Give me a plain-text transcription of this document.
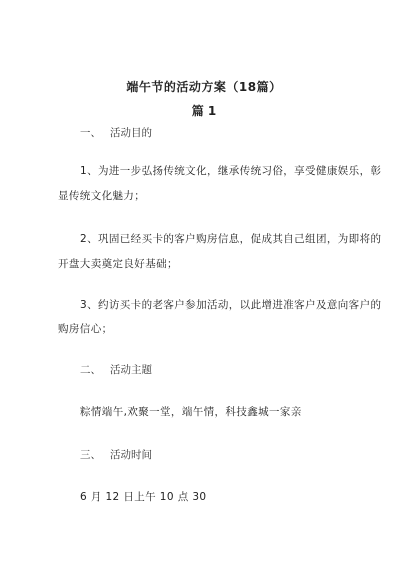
端午节的活动方案（18篇）
篇 1
一、 活动目的
1、为进一步弘扬传统文化，继承传统习俗，享受健康娱乐，彰
显传统文化魅力；
2、巩固已经买卡的客户购房信息，促成其自己组团，为即将的
开盘大卖奠定良好基础；
3、约访买卡的老客户参加活动，以此增进准客户及意向客户的
购房信心；
二、 活动主题
粽情端午,欢聚一堂，端午情，科技鑫城一家亲
三、 活动时间
6 月 12 日上午 10 点 30
